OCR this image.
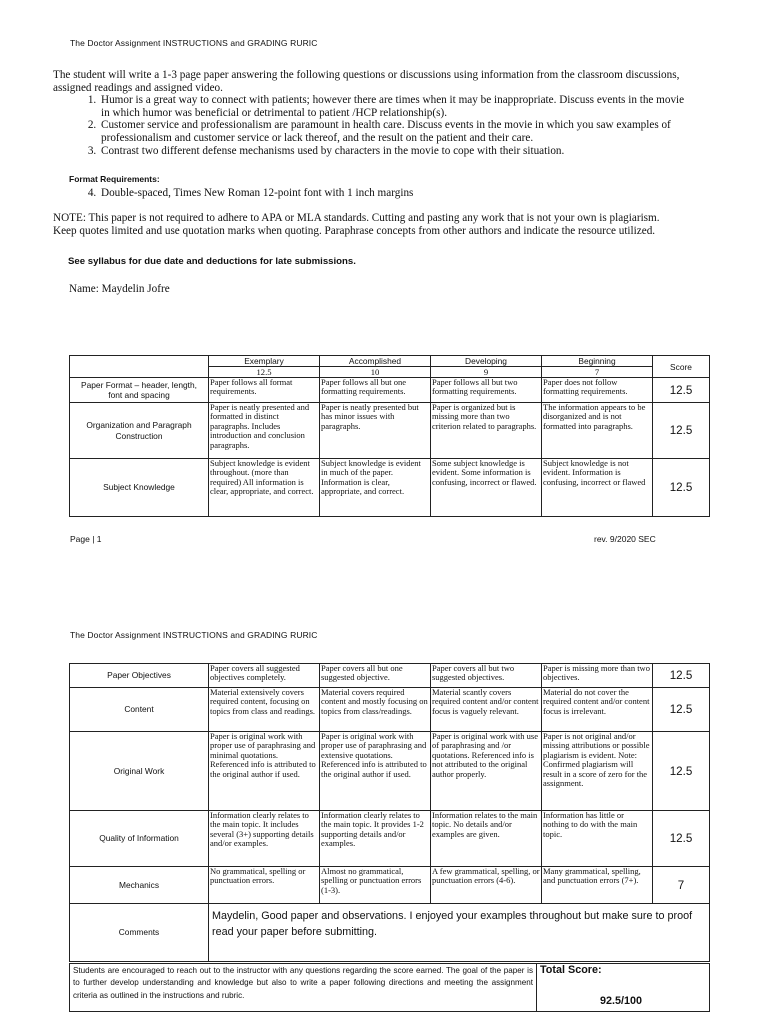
The Doctor Assignment INSTRUCTIONS and GRADING RURIC

The student will write a 1-3 page paper answering the following questions or discussions using information from the classroom discussions, assigned readings and assigned video.

1. Humor is a great way to connect with patients; however there are times when it may be inappropriate. Discuss events in the movie in which humor was beneficial or detrimental to patient /HCP relationship(s).
2. Customer service and professionalism are paramount in health care. Discuss events in the movie in which you saw examples of professionalism and customer service or lack thereof, and the result on the patient and their care.
3. Contrast two different defense mechanisms used by characters in the movie to cope with their situation.
Format Requirements:
4. Double-spaced, Times New Roman 12-point font with 1 inch margins
NOTE: This paper is not required to adhere to APA or MLA standards. Cutting and pasting any work that is not your own is plagiarism. Keep quotes limited and use quotation marks when quoting. Paraphrase concepts from other authors and indicate the resource utilized.
See syllabus for due date and deductions for late submissions.
Name: Maydelin Jofre
	Exemplary	Accomplished	Developing	Beginning	Score
	12.5	10	9	7	
Paper Format – header, length, font and spacing	Paper follows all format requirements.	Paper follows all but one formatting requirements.	Paper follows all but two formatting requirements.	Paper does not follow formatting requirements.	12.5
Organization and Paragraph Construction	Paper is neatly presented and formatted in distinct paragraphs. Includes introduction and conclusion paragraphs.	Paper is neatly presented but has minor issues with paragraphs.	Paper is organized but is missing more than two criterion related to paragraphs.	The information appears to be disorganized and is not formatted into paragraphs.	12.5
Subject Knowledge	Subject knowledge is evident throughout. (more than required) All information is clear, appropriate, and correct.	Subject knowledge is evident in much of the paper. Information is clear, appropriate, and correct.	Some subject knowledge is evident. Some information is confusing, incorrect or flawed.	Subject knowledge is not evident. Information is confusing, incorrect or flawed	12.5
Page | 1	rev. 9/2020 SEC
The Doctor Assignment INSTRUCTIONS and GRADING RURIC
Paper Objectives	Paper covers all suggested objectives completely.	Paper covers all but one suggested objective.	Paper covers all but two suggested objectives.	Paper is missing more than two objectives.	12.5
Content	Material extensively covers required content, focusing on topics from class and readings.	Material covers required content and mostly focusing on topics from class/readings.	Material scantly covers required content and/or content focus is vaguely relevant.	Material do not cover the required content and/or content focus is irrelevant.	12.5
Original Work	Paper is original work with proper use of paraphrasing and minimal quotations. Referenced info is attributed to the original author if used.	Paper is original work with proper use of paraphrasing and extensive quotations. Referenced info is attributed to the original author if used.	Paper is original work with use of paraphrasing and /or quotations. Referenced info is not attributed to the original author properly.	Paper is not original and/or missing attributions or possible plagiarism is evident. Note: Confirmed plagiarism will result in a score of zero for the assignment.	12.5
Quality of Information	Information clearly relates to the main topic. It includes several (3+) supporting details and/or examples.	Information clearly relates to the main topic. It provides 1-2 supporting details and/or examples.	Information relates to the main topic. No details and/or examples are given.	Information has little or nothing to do with the main topic.	12.5
Mechanics	No grammatical, spelling or punctuation errors.	Almost no grammatical, spelling or punctuation errors (1-3).	A few grammatical, spelling, or punctuation errors (4-6).	Many grammatical, spelling, and punctuation errors (7+).	7
Comments	Maydelin, Good paper and observations. I enjoyed your examples throughout but make sure to proof read your paper before submitting.				
Students are encouraged to reach out to the instructor with any questions regarding the score earned. The goal of the paper is to further develop understanding and knowledge but also to write a paper following directions and meeting the assignment criteria as outlined in the instructions and rubric.	
Total Score:
92.5/100
